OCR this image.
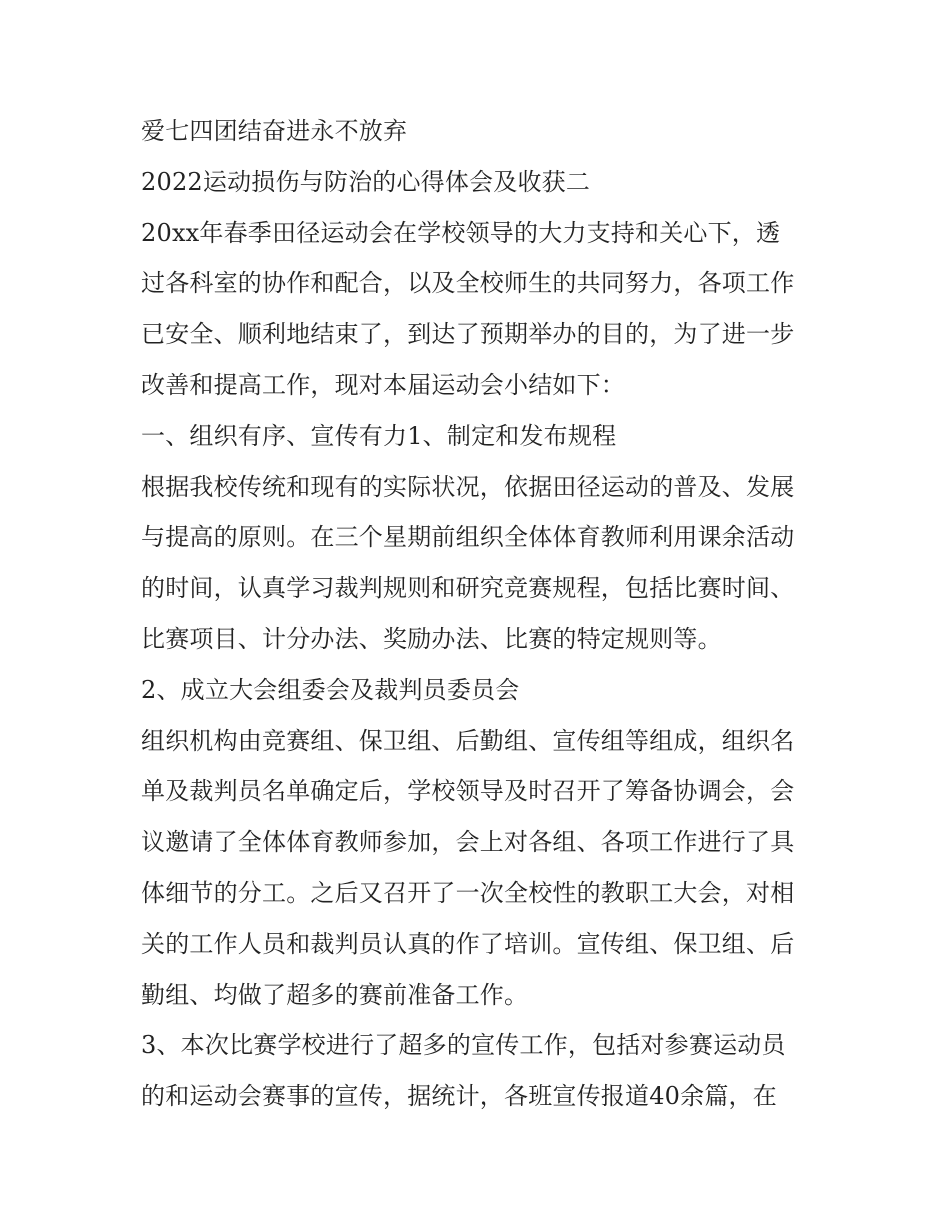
爱七四团结奋进永不放弃
2022运动损伤与防治的心得体会及收获二
20xx年春季田径运动会在学校领导的大力支持和关心下，透
过各科室的协作和配合，以及全校师生的共同努力，各项工作
已安全、顺利地结束了，到达了预期举办的目的，为了进一步
改善和提高工作，现对本届运动会小结如下：
一、组织有序、宣传有力1、制定和发布规程
根据我校传统和现有的实际状况，依据田径运动的普及、发展
与提高的原则。在三个星期前组织全体体育教师利用课余活动
的时间，认真学习裁判规则和研究竞赛规程，包括比赛时间、
比赛项目、计分办法、奖励办法、比赛的特定规则等。
2、成立大会组委会及裁判员委员会
组织机构由竞赛组、保卫组、后勤组、宣传组等组成，组织名
单及裁判员名单确定后，学校领导及时召开了筹备协调会，会
议邀请了全体体育教师参加，会上对各组、各项工作进行了具
体细节的分工。之后又召开了一次全校性的教职工大会，对相
关的工作人员和裁判员认真的作了培训。宣传组、保卫组、后
勤组、均做了超多的赛前准备工作。
3、本次比赛学校进行了超多的宣传工作，包括对参赛运动员
的和运动会赛事的宣传，据统计，各班宣传报道40余篇，在
